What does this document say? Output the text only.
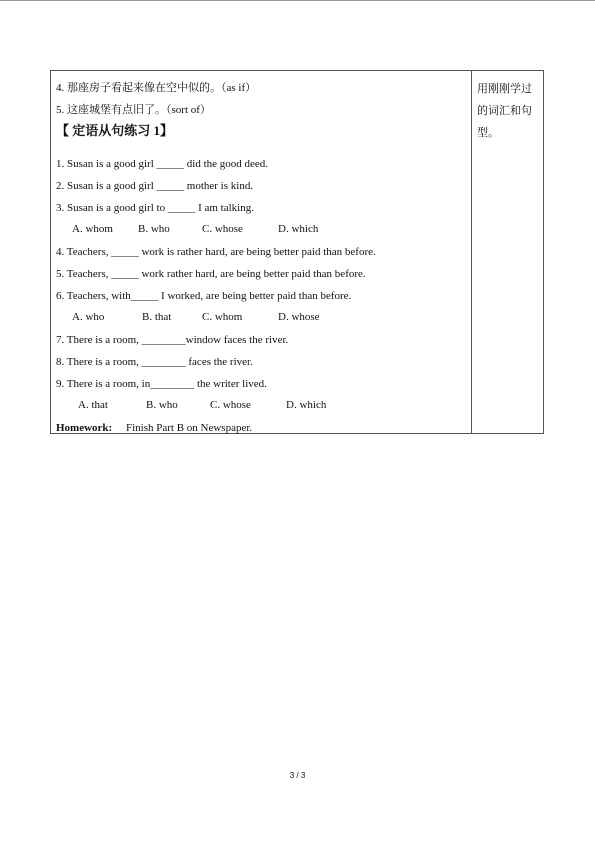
4. 那座房子看起来像在空中似的。（as if）
5. 这座城堡有点旧了。（sort of）
【 定语从句练习 1】
1. Susan is a good girl _____ did the good deed.
2. Susan is a good girl _____ mother is kind.
3. Susan is a good girl to _____ I am talking.
A. whom B. who	C. whose	D. which
4. Teachers, _____ work is rather hard, are being better paid than before.
5. Teachers, _____ work rather hard, are being better paid than before.
6. Teachers, with_____ I worked, are being better paid than before.
A. who	B. that	C. whom	D. whose
7. There is a room, ________window faces the river.
8. There is a room, ________ faces the river.
9. There is a room, in________ the writer lived.
A. that	B. who	C. whose	D. which
Homework: Finish Part B on Newspaper.
用刚刚学过的词汇和句型。
3 / 3
